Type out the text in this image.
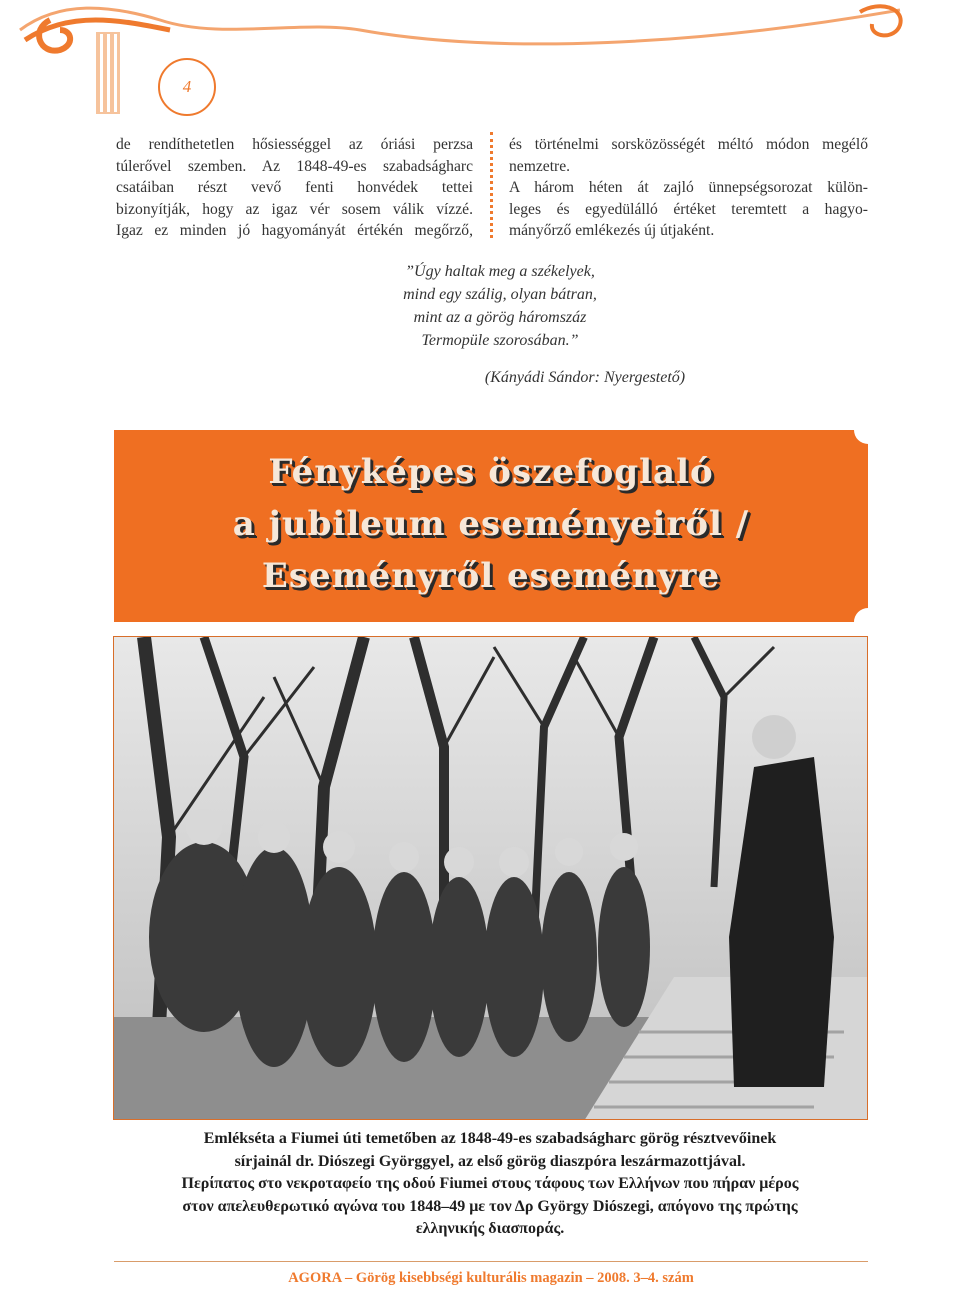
4

de rendíthetetlen hősiességgel az óriási perzsa

túlerővel szemben. Az 1848-49-es szabadságharc

csatáiban részt vevő fenti honvédek tettei

bizonyítják, hogy az igaz vér sosem válik vízzé.

Igaz ez minden jó hagyományát értékén megőrző,

és történelmi sorsközösségét méltó módon megélő

nemzetre.

A három héten át zajló ünnepségsorozat külön-

leges és egyedülálló értéket teremtett a hagyo-

mányőrző emlékezés új útjaként.

”Úgy haltak meg a székelyek,
mind egy szálig, olyan bátran,
mint az a görög háromszáz
Termopüle szorosában.”
(Kányádi Sándor: Nyergestető)
Fényképes öszefoglaló
a jubileum eseményeiről /
Eseményről eseményre
Emlékséta a Fiumei úti temetőben az 1848-49-es szabadságharc görög résztvevőinek
sírjainál dr. Diószegi Györggyel, az első görög diaszpóra leszármazottjával.
Περίπατος στο νεκροταφείο της οδού Fiumei στους τάφους των Ελλήνων που πήραν μέρος
στον απελευθερωτικό αγώνα του 1848–49 με τον Δρ György Diószegi, απόγονο της πρώτης
ελληνικής διασποράς.
AGORA – Görög kisebbségi kulturális magazin – 2008. 3–4. szám
